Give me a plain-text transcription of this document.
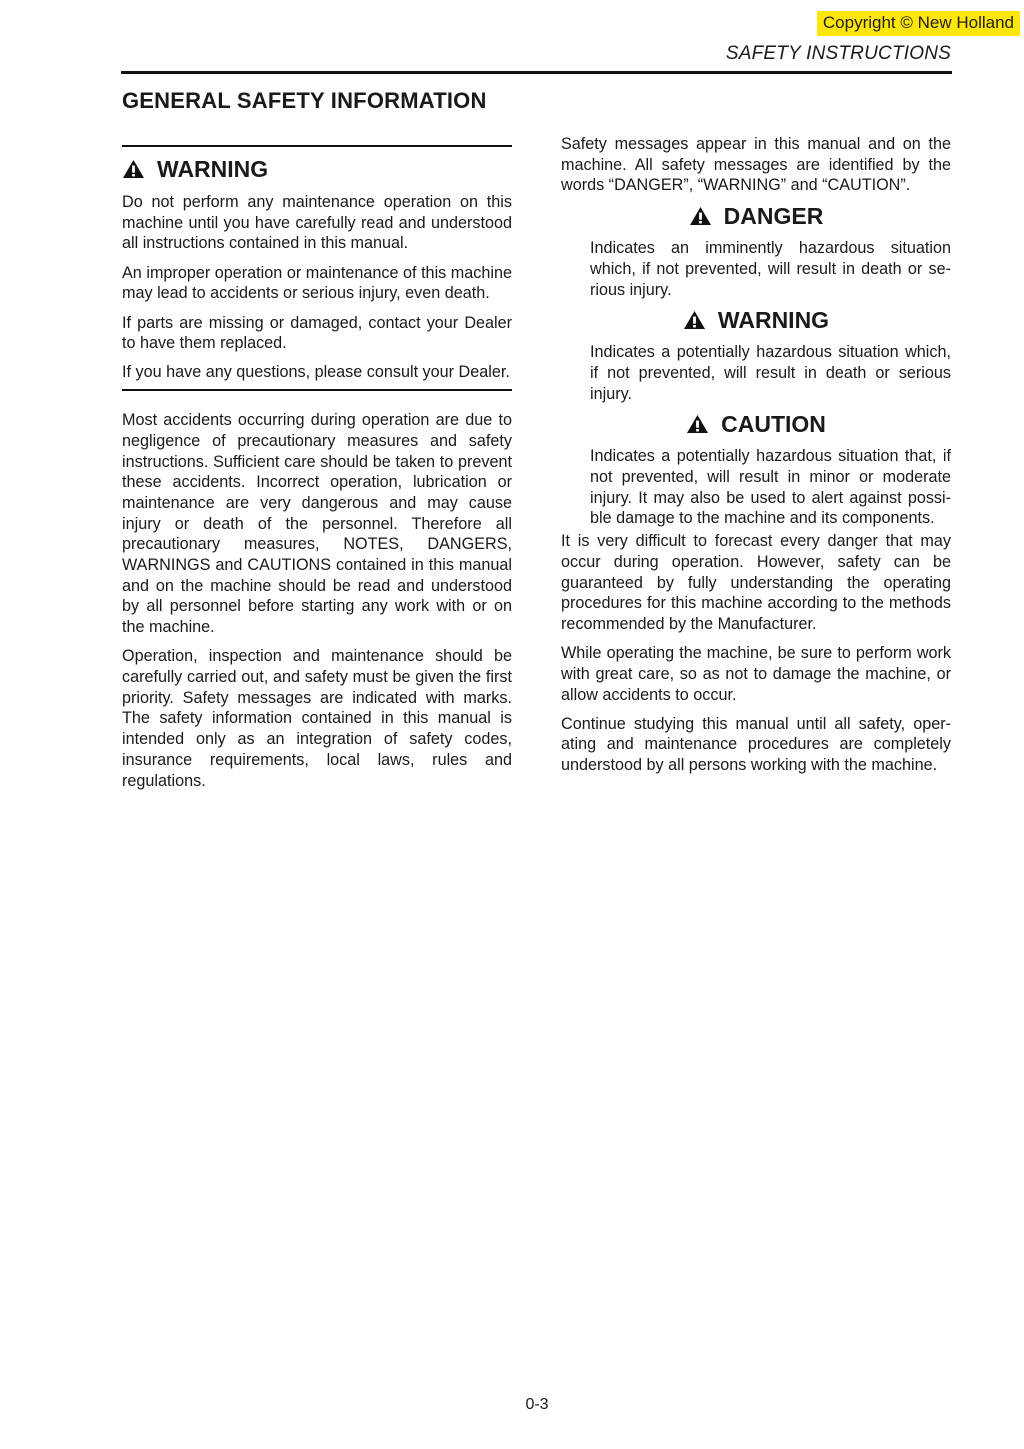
Copyright © New Holland
SAFETY INSTRUCTIONS
GENERAL SAFETY INFORMATION
WARNING

Do not perform any maintenance operation on this machine until you have carefully read and understood all instructions contained in this manual.

An improper operation or maintenance of this machine may lead to accidents or serious injury, even death.

If parts are missing or damaged, contact your Dealer to have them replaced.

If you have any questions, please consult your Dealer.

Most accidents occurring during operation are due to negligence of precautionary measures and safety instructions. Sufficient care should be taken to prevent these accidents. Incorrect operation, lubrication or maintenance are very dangerous and may cause injury or death of the personnel. Therefore all precautionary measures, NOTES, DANGERS, WARNINGS and CAUTIONS contained in this manual and on the machine should be read and understood by all personnel before starting any work with or on the machine.

Operation, inspection and maintenance should be carefully carried out, and safety must be given the first priority. Safety messages are indicated with marks. The safety information contained in this manual is intended only as an integration of safety codes, insurance requirements, local laws, rules and regulations.

Safety messages appear in this manual and on the machine. All safety messages are identified by the words “DANGER”, “WARNING” and “CAUTION”.

DANGER

Indicates an imminently hazardous situation which, if not prevented, will result in death or serious injury.

WARNING

Indicates a potentially hazardous situation which, if not prevented, will result in death or serious injury.

CAUTION

Indicates a potentially hazardous situation that, if not prevented, will result in minor or moderate injury. It may also be used to alert against possible damage to the machine and its components.

It is very difficult to forecast every danger that may occur during operation. However, safety can be guaranteed by fully understanding the operating procedures for this machine according to the methods recommended by the Manufacturer.

While operating the machine, be sure to perform work with great care, so as not to damage the machine, or allow accidents to occur.

Continue studying this manual until all safety, operating and maintenance procedures are completely understood by all persons working with the machine.

0-3
